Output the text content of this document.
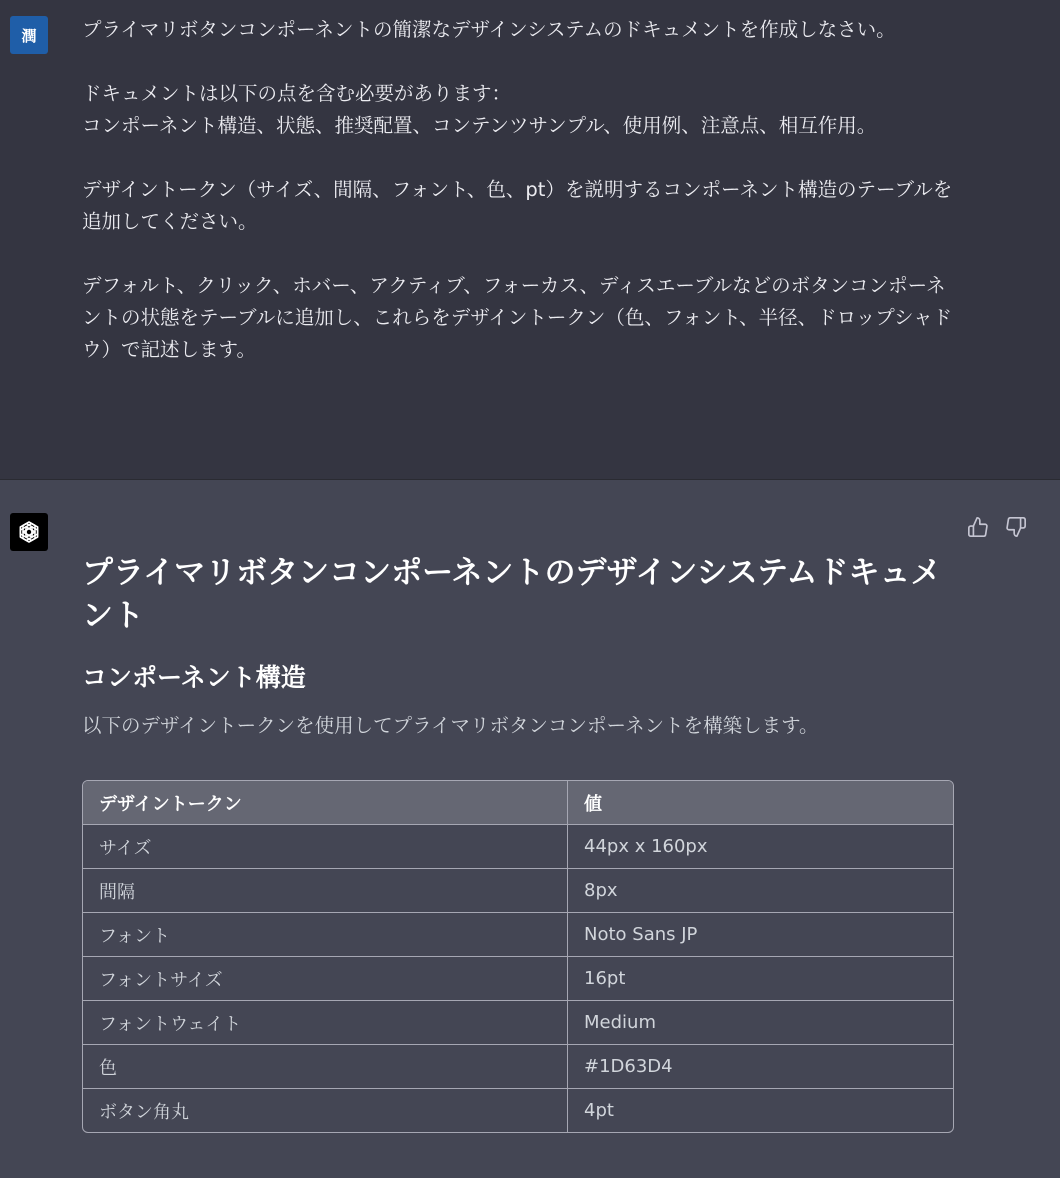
潤	プライマリボタンコンポーネントの簡潔なデザインシステムのドキュメントを作成しなさい。

ドキュメントは以下の点を含む必要があります：
コンポーネント構造、状態、推奨配置、コンテンツサンプル、使用例、注意点、相互作用。

デザイントークン（サイズ、間隔、フォント、色、pt）を説明するコンポーネント構造のテーブルを追加してください。

デフォルト、クリック、ホバー、アクティブ、フォーカス、ディスエーブルなどのボタンコンポーネントの状態をテーブルに追加し、これらをデザイントークン（色、フォント、半径、ドロップシャドウ）で記述します。

プライマリボタンコンポーネントのデザインシステムドキュメント
コンポーネント構造

以下のデザイントークンを使用してプライマリボタンコンポーネントを構築します。

デザイントークン	値
サイズ	44px x 160px
間隔	8px
フォント	Noto Sans JP
フォントサイズ	16pt
フォントウェイト	Medium
色	#1D63D4
ボタン角丸	4pt
